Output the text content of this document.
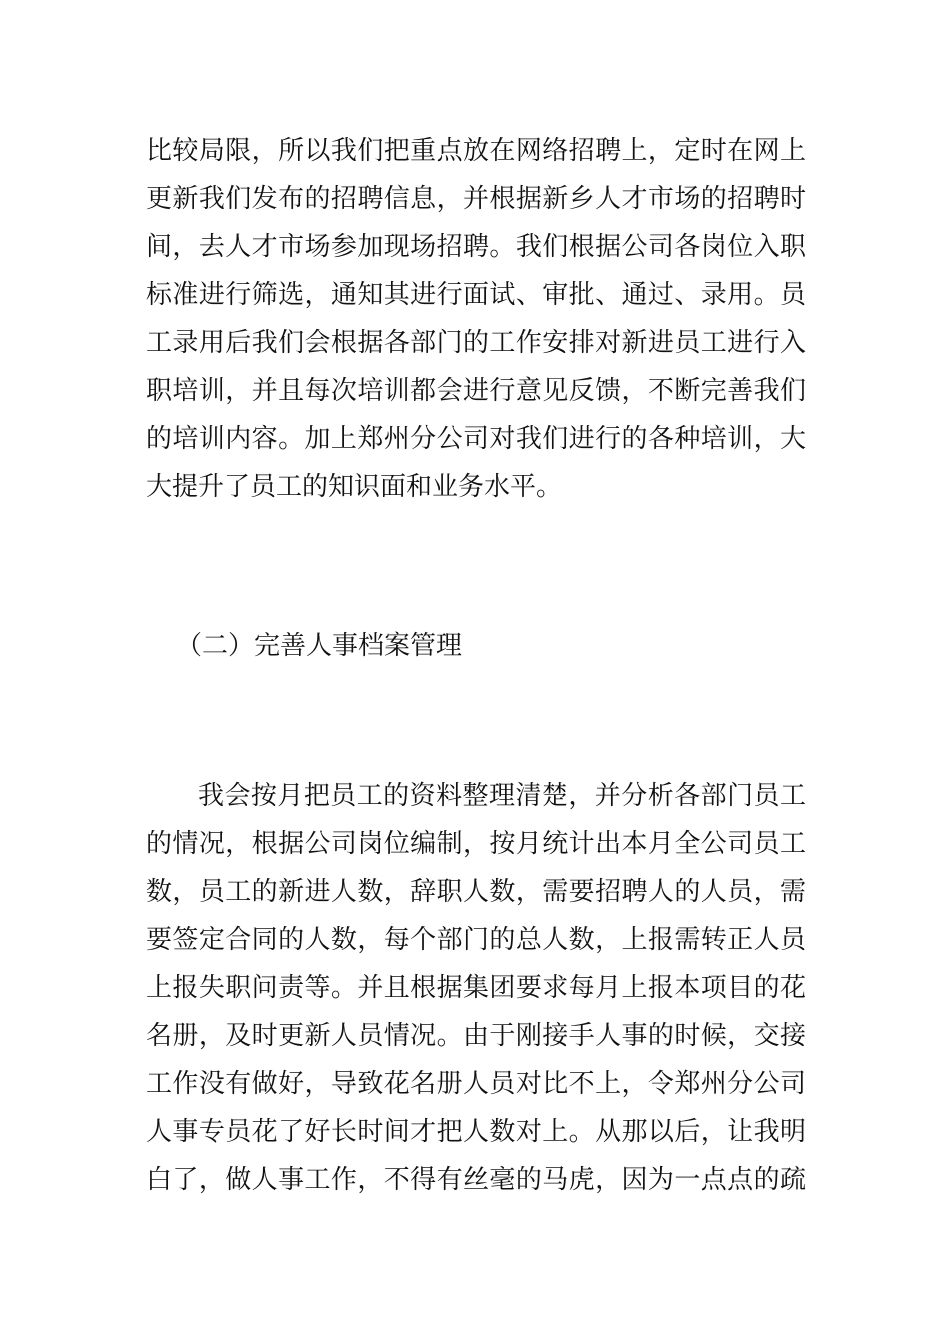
比较局限，所以我们把重点放在网络招聘上，定时在网上
更新我们发布的招聘信息，并根据新乡人才市场的招聘时
间，去人才市场参加现场招聘。我们根据公司各岗位入职
标准进行筛选，通知其进行面试、审批、通过、录用。员
工录用后我们会根据各部门的工作安排对新进员工进行入
职培训，并且每次培训都会进行意见反馈，不断完善我们
的培训内容。加上郑州分公司对我们进行的各种培训，大
大提升了员工的知识面和业务水平。
（二）完善人事档案管理
我会按月把员工的资料整理清楚，并分析各部门员工
的情况，根据公司岗位编制，按月统计出本月全公司员工
数，员工的新进人数，辞职人数，需要招聘人的人员，需
要签定合同的人数，每个部门的总人数，上报需转正人员
上报失职问责等。并且根据集团要求每月上报本项目的花
名册，及时更新人员情况。由于刚接手人事的时候，交接
工作没有做好，导致花名册人员对比不上，令郑州分公司
人事专员花了好长时间才把人数对上。从那以后，让我明
白了，做人事工作，不得有丝毫的马虎，因为一点点的疏
